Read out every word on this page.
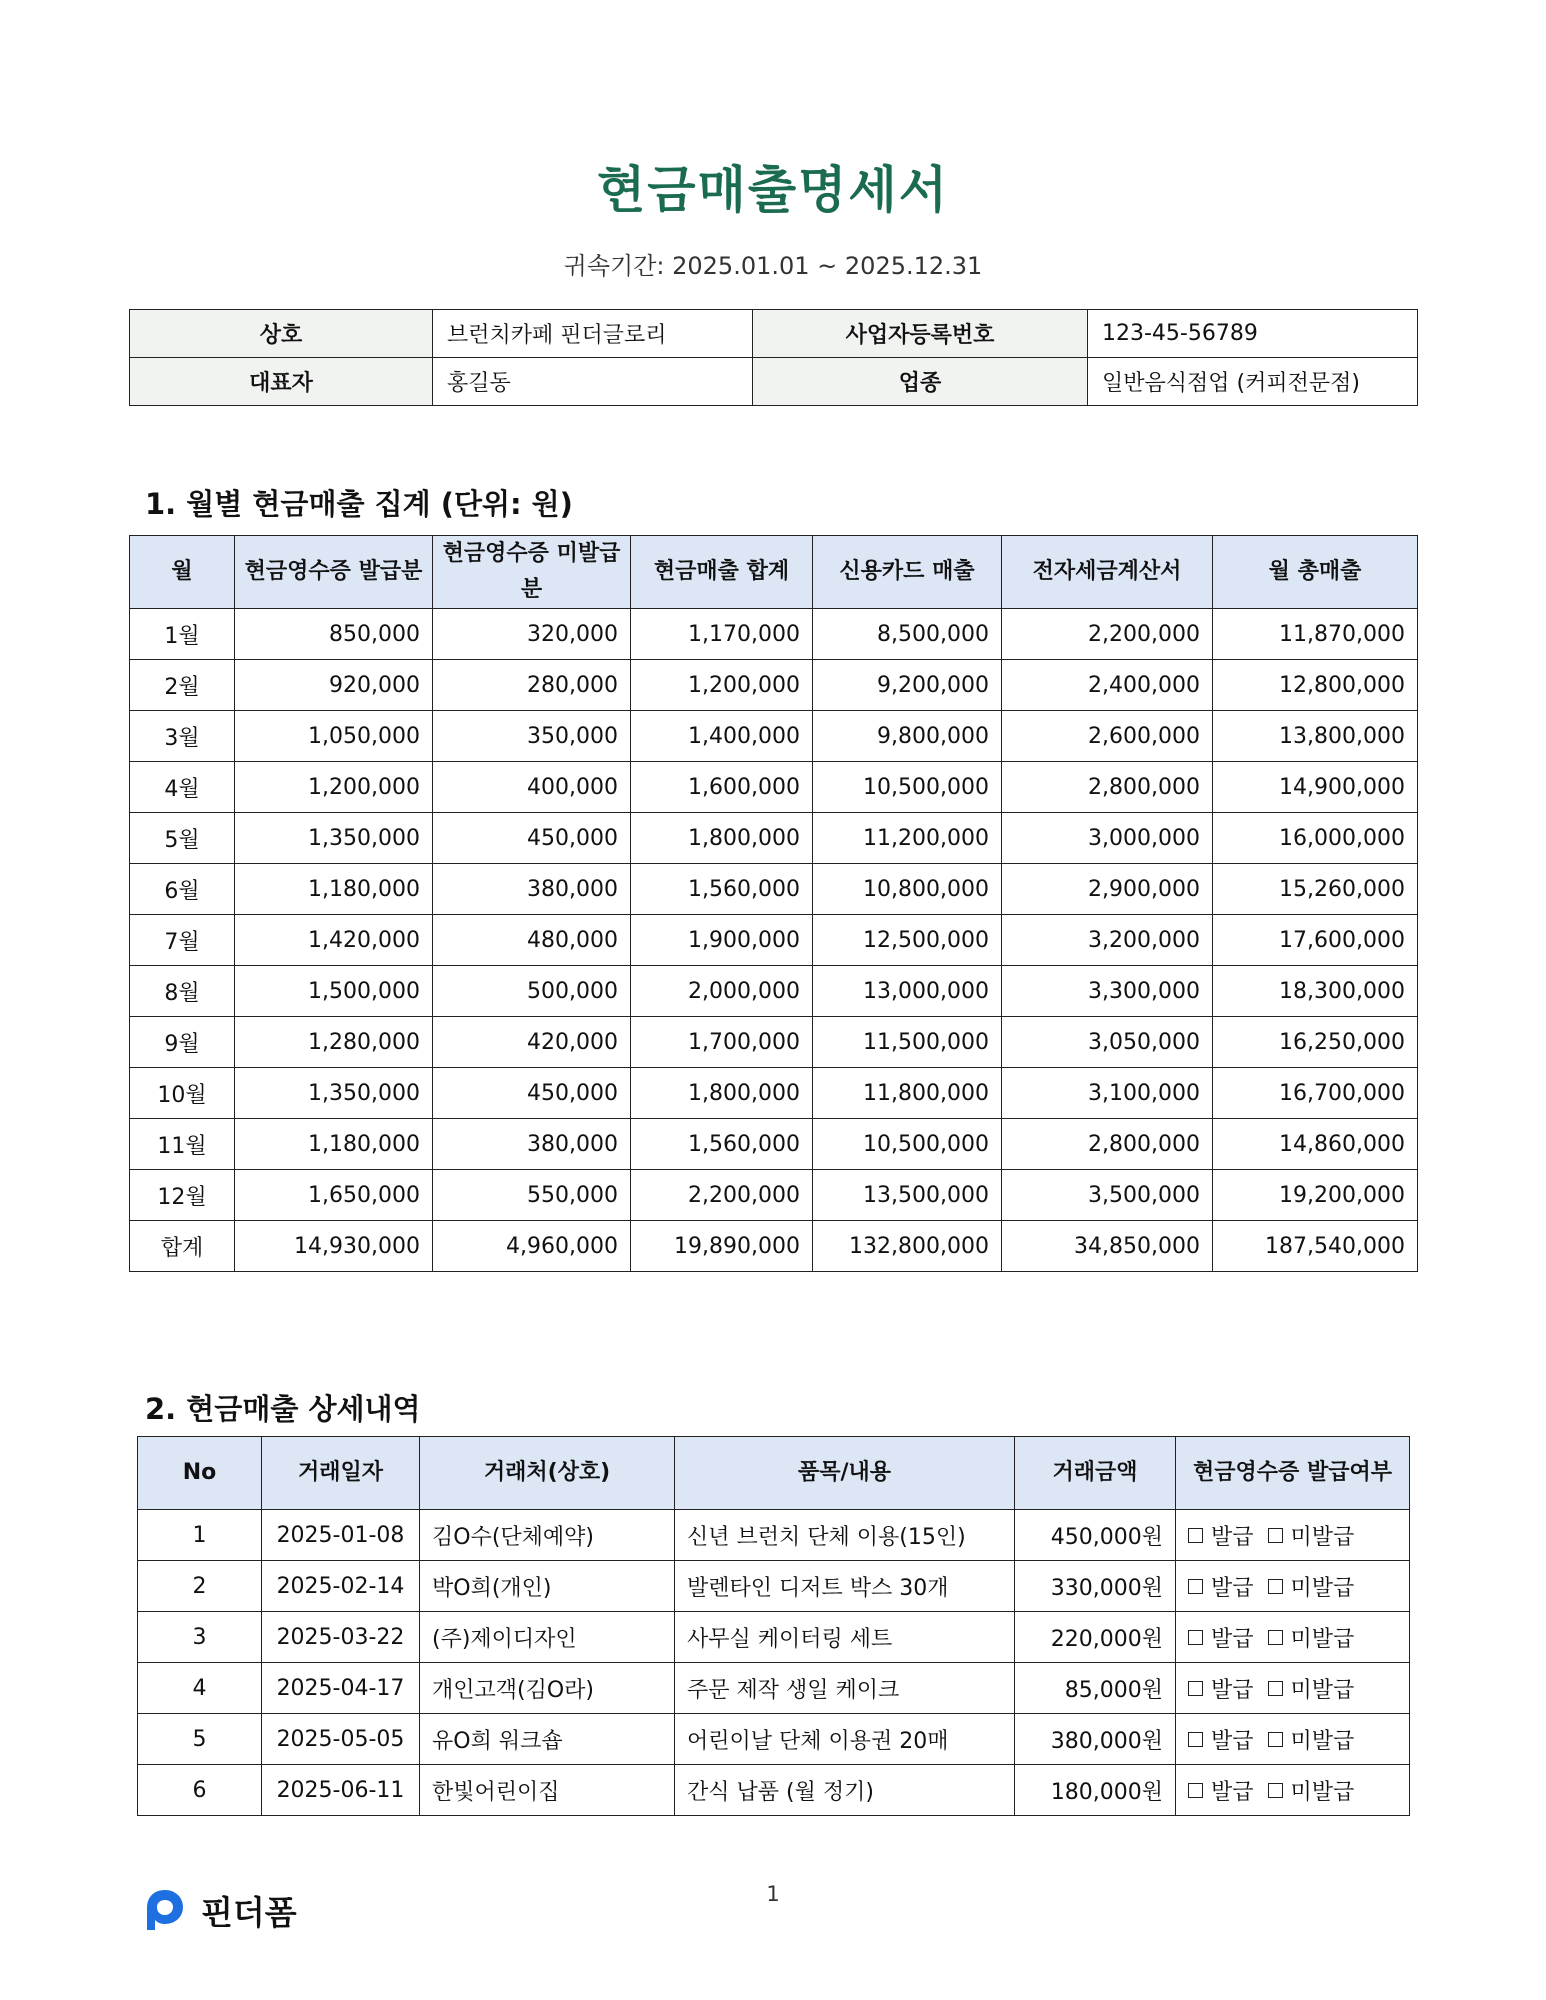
현금매출명세서
귀속기간: 2025.01.01 ~ 2025.12.31
상호	브런치카페 핀더글로리	사업자등록번호	123-45-56789
대표자	홍길동	업종	일반음식점업 (커피전문점)
1. 월별 현금매출 집계 (단위: 원)
월	현금영수증 발급분	현금영수증 미발급분	현금매출 합계	신용카드 매출	전자세금계산서	월 총매출
1월	850,000	320,000	1,170,000	8,500,000	2,200,000	11,870,000
2월	920,000	280,000	1,200,000	9,200,000	2,400,000	12,800,000
3월	1,050,000	350,000	1,400,000	9,800,000	2,600,000	13,800,000
4월	1,200,000	400,000	1,600,000	10,500,000	2,800,000	14,900,000
5월	1,350,000	450,000	1,800,000	11,200,000	3,000,000	16,000,000
6월	1,180,000	380,000	1,560,000	10,800,000	2,900,000	15,260,000
7월	1,420,000	480,000	1,900,000	12,500,000	3,200,000	17,600,000
8월	1,500,000	500,000	2,000,000	13,000,000	3,300,000	18,300,000
9월	1,280,000	420,000	1,700,000	11,500,000	3,050,000	16,250,000
10월	1,350,000	450,000	1,800,000	11,800,000	3,100,000	16,700,000
11월	1,180,000	380,000	1,560,000	10,500,000	2,800,000	14,860,000
12월	1,650,000	550,000	2,200,000	13,500,000	3,500,000	19,200,000
합계	14,930,000	4,960,000	19,890,000	132,800,000	34,850,000	187,540,000
2. 현금매출 상세내역
No	거래일자	거래처(상호)	품목/내용	거래금액	현금영수증 발급여부
1	2025-01-08	김O수(단체예약)	신년 브런치 단체 이용(15인)	450,000원	발급 미발급

2	2025-02-14	박O희(개인)	발렌타인 디저트 박스 30개	330,000원	발급 미발급

3	2025-03-22	(주)제이디자인	사무실 케이터링 세트	220,000원	발급 미발급

4	2025-04-17	개인고객(김O라)	주문 제작 생일 케이크	85,000원	발급 미발급

5	2025-05-05	유O희 워크숍	어린이날 단체 이용권 20매	380,000원	발급 미발급

6	2025-06-11	한빛어린이집	간식 납품 (월 정기)	180,000원	발급 미발급
핀더폼	1
